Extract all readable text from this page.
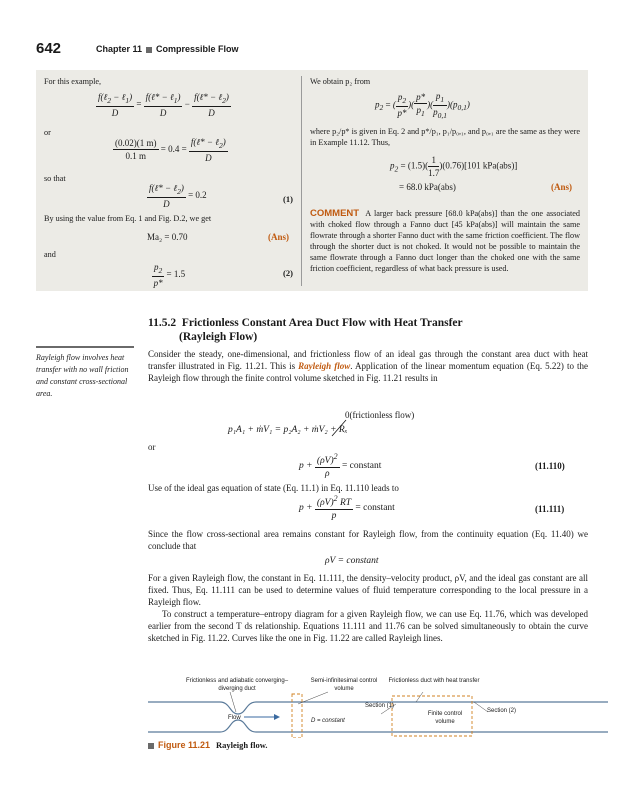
642	Chapter 11 Compressible Flow
For this example,
$\frac{f(\ell_2 - \ell_1)}{D} = \frac{f(\ell* - \ell_1)}{D} - \frac{f(\ell* - \ell_2)}{D}$
or
$\frac{(0.02)(1 m)}{0.1 m} = 0.4 = \frac{f(\ell* - \ell_2)}{D}$
so that
$\frac{f(\ell* - \ell_2)}{D} = 0.2$	(1)
By using the value from Eq. 1 and Fig. D.2, we get
Ma₂ = 0.70	(Ans)
and
$\frac{p_2}{p*} = 1.5$	(2)
We obtain p₂ from
$p_2$ = ( $\frac{p_2}{p*}$ )( $\frac{p*}{p_1}$ )( $\frac{p_1}{p_{0,1}} )(p_{0,1})$
where p₂/p* is given in Eq. 2 and p*/p₁, p₁/p₀,₁, and p₀,₁ are the same as they were in Example 11.12. Thus,
$p_2 = (1.5)( \frac{1}{1.7} )(0.76)[101$ kPa(abs)]
= 68.0 kPa(abs)	(Ans)
COMMENT A larger back pressure [68.0 kPa(abs)] than the one associated with choked flow through a Fanno duct [45 kPa(abs)] will maintain the same flowrate through a shorter Fanno duct with the same friction coefficient. The flow through the shorter duct is not choked. It would not be possible to maintain the same flowrate through a Fanno duct longer than the choked one with the same friction coefficient, regardless of what back pressure is used.
11.5.2 Frictionless Constant Area Duct Flow with Heat Transfer
(Rayleigh Flow)
Rayleigh flow involves heat transfer with no wall friction and constant cross-sectional area.
Consider the steady, one-dimensional, and frictionless flow of an ideal gas through the constant area duct with heat transfer illustrated in Fig. 11.21. This is Rayleigh flow. Application of the linear momentum equation (Eq. 5.22) to the Rayleigh flow through the finite control volume sketched in Fig. 11.21 results in
0(frictionless flow)
p₁A₁ + ṁV₁ = p₂A₂ + ṁV₂ + Rₓ
or
$p + \frac{(\rho V)^2}{\rho}$ = constant	(11.110)
Use of the ideal gas equation of state (Eq. 11.1) in Eq. 11.110 leads to
$p + \frac{(\rho V)^2 RT}{p}$ = constant	(11.111)
Since the flow cross-sectional area remains constant for Rayleigh flow, from the continuity equation (Eq. 11.40) we conclude that
ρV = constant
For a given Rayleigh flow, the constant in Eq. 11.111, the density–velocity product, ρV, and the ideal gas constant are all fixed. Thus, Eq. 11.111 can be used to determine values of fluid temperature corresponding to the local pressure in a Rayleigh flow.
To construct a temperature–entropy diagram for a given Rayleigh flow, we can use Eq. 11.76, which was developed earlier from the second T ds relationship. Equations 11.111 and 11.76 can be solved simultaneously to obtain the curve sketched in Fig. 11.22. Curves like the one in Fig. 11.22 are called Rayleigh lines.
Frictionless and adiabatic converging–diverging duct
Semi-infinitesimal control volume
Frictionless duct with heat transfer
Flow	D = constant
Section (1)
Section (2)
Finite control volume
Figure 11.21 Rayleigh flow.
